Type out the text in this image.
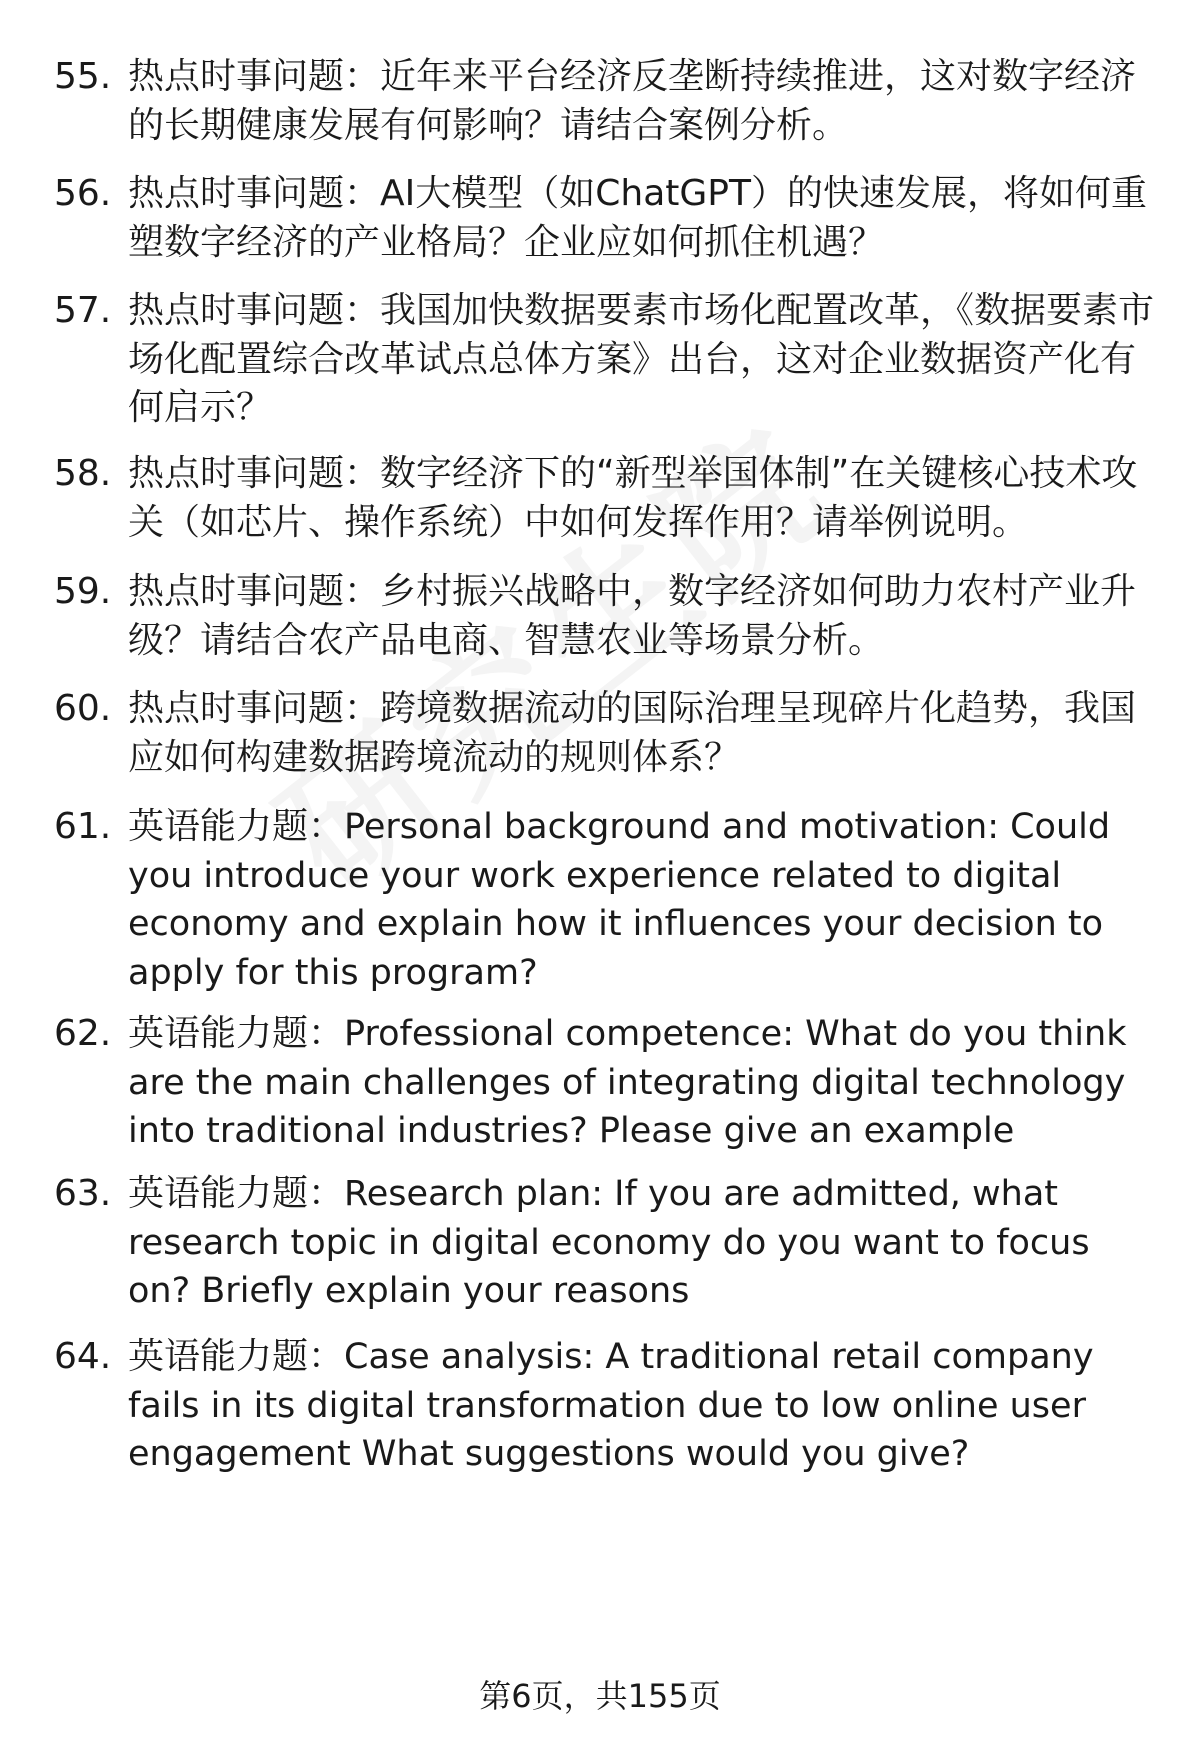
55. 热点时事问题：近年来平台经济反垄断持续推进，这对数字经济的长期健康发展有何影响？请结合案例分析。
56. 热点时事问题：AI大模型（如ChatGPT）的快速发展，将如何重塑数字经济的产业格局？企业应如何抓住机遇？
57. 热点时事问题：我国加快数据要素市场化配置改革，《数据要素市场化配置综合改革试点总体方案》出台，这对企业数据资产化有何启示？
58. 热点时事问题：数字经济下的“新型举国体制”在关键核心技术攻关（如芯片、操作系统）中如何发挥作用？请举例说明。
59. 热点时事问题：乡村振兴战略中，数字经济如何助力农村产业升级？请结合农产品电商、智慧农业等场景分析。
60. 热点时事问题：跨境数据流动的国际治理呈现碎片化趋势，我国应如何构建数据跨境流动的规则体系？
61. 英语能力题：Personal background and motivation: Could you introduce your work experience related to digital economy and explain how it influences your decision to apply for this program?
62. 英语能力题：Professional competence: What do you think are the main challenges of integrating digital technology into traditional industries? Please give an example
63. 英语能力题：Research plan: If you are admitted, what research topic in digital economy do you want to focus on? Briefly explain your reasons
64. 英语能力题：Case analysis: A traditional retail company fails in its digital transformation due to low online user engagement What suggestions would you give?
第6页，共155页
